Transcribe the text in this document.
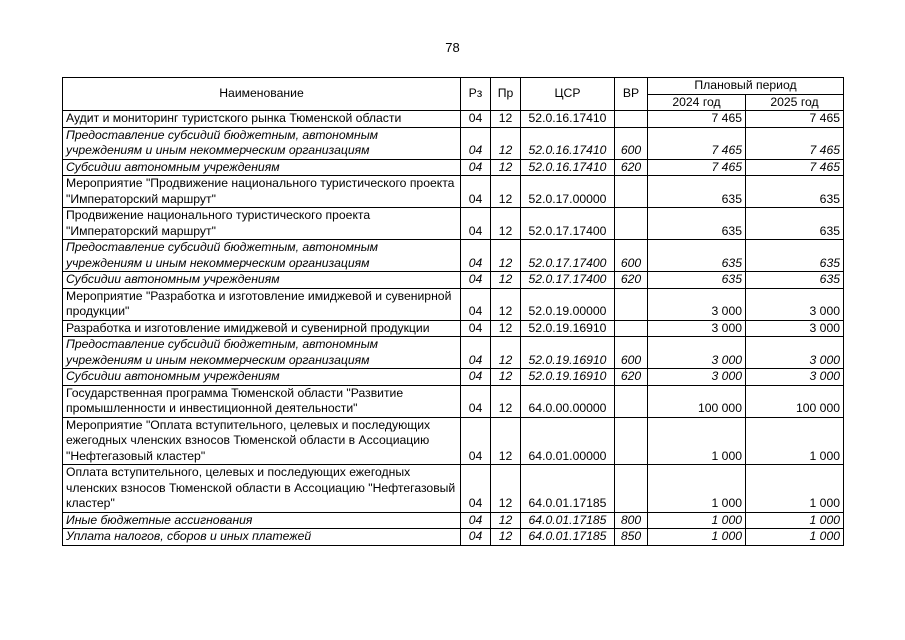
78
Наименование	Рз	Пр	ЦСР	ВР	Плановый период	
					2024 год	2025 год
Аудит и мониторинг туристского рынка Тюменской области	04	12	52.0.16.17410		7 465	7 465
Предоставление субсидий бюджетным, автономным учреждениям и иным некоммерческим организациям	04	12	52.0.16.17410	600	7 465	7 465
Субсидии автономным учреждениям	04	12	52.0.16.17410	620	7 465	7 465
Мероприятие "Продвижение национального туристического проекта "Императорский маршрут"	04	12	52.0.17.00000		635	635
Продвижение национального туристического проекта "Императорский маршрут"	04	12	52.0.17.17400		635	635
Предоставление субсидий бюджетным, автономным учреждениям и иным некоммерческим организациям	04	12	52.0.17.17400	600	635	635
Субсидии автономным учреждениям	04	12	52.0.17.17400	620	635	635
Мероприятие "Разработка и изготовление имиджевой и сувенирной продукции"	04	12	52.0.19.00000		3 000	3 000
Разработка и изготовление имиджевой и сувенирной продукции	04	12	52.0.19.16910		3 000	3 000
Предоставление субсидий бюджетным, автономным учреждениям и иным некоммерческим организациям	04	12	52.0.19.16910	600	3 000	3 000
Субсидии автономным учреждениям	04	12	52.0.19.16910	620	3 000	3 000
Государственная программа Тюменской области "Развитие промышленности и инвестиционной деятельности"	04	12	64.0.00.00000		100 000	100 000
Мероприятие "Оплата вступительного, целевых и последующих ежегодных членских взносов Тюменской области в Ассоциацию "Нефтегазовый кластер"	04	12	64.0.01.00000		1 000	1 000
Оплата вступительного, целевых и последующих ежегодных членских взносов Тюменской области в Ассоциацию "Нефтегазовый кластер"	04	12	64.0.01.17185		1 000	1 000
Иные бюджетные ассигнования	04	12	64.0.01.17185	800	1 000	1 000
Уплата налогов, сборов и иных платежей	04	12	64.0.01.17185	850	1 000	1 000
